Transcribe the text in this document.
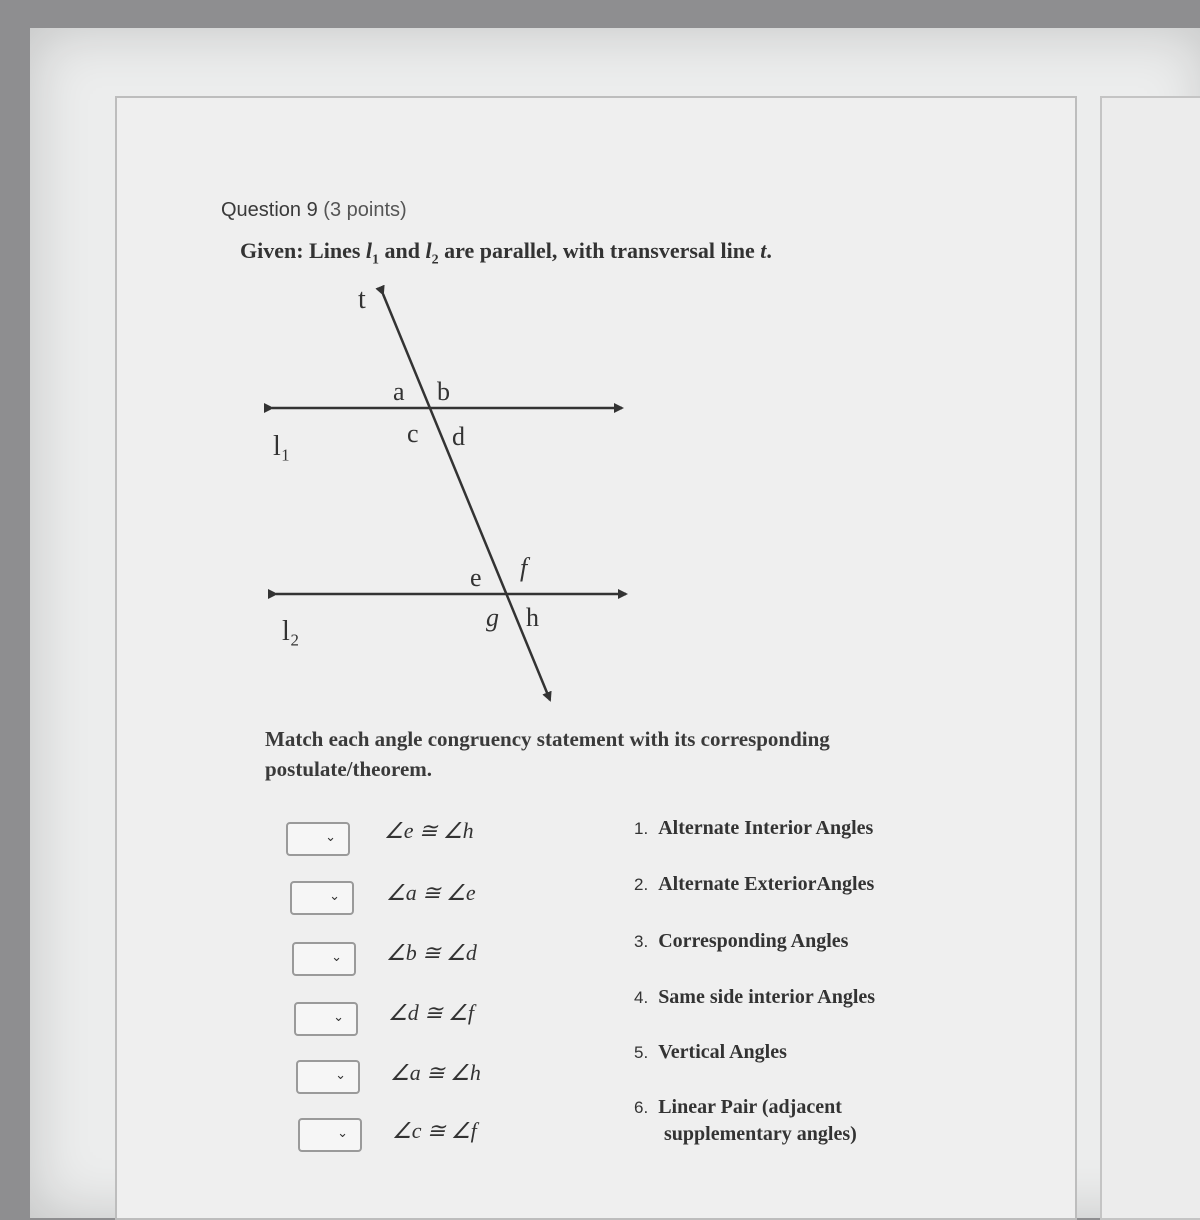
Question 9 (3 points)
Given: Lines $l_1$ and $l_2$ are parallel, with transversal line t.
t
l₁
l₂
a b
c d
e f
g h
Match each angle congruency statement with its corresponding postulate/theorem.
⌄
⌄
⌄
⌄
⌄
⌄
∠e ≅ ∠h
∠a ≅ ∠e
∠b ≅ ∠d
∠d ≅ ∠f
∠a ≅ ∠h
∠c ≅ ∠f
1. Alternate Interior Angles
2. Alternate ExteriorAngles
3. Corresponding Angles
4. Same side interior Angles
5. Vertical Angles
6. Linear Pair (adjacent
supplementary angles)
